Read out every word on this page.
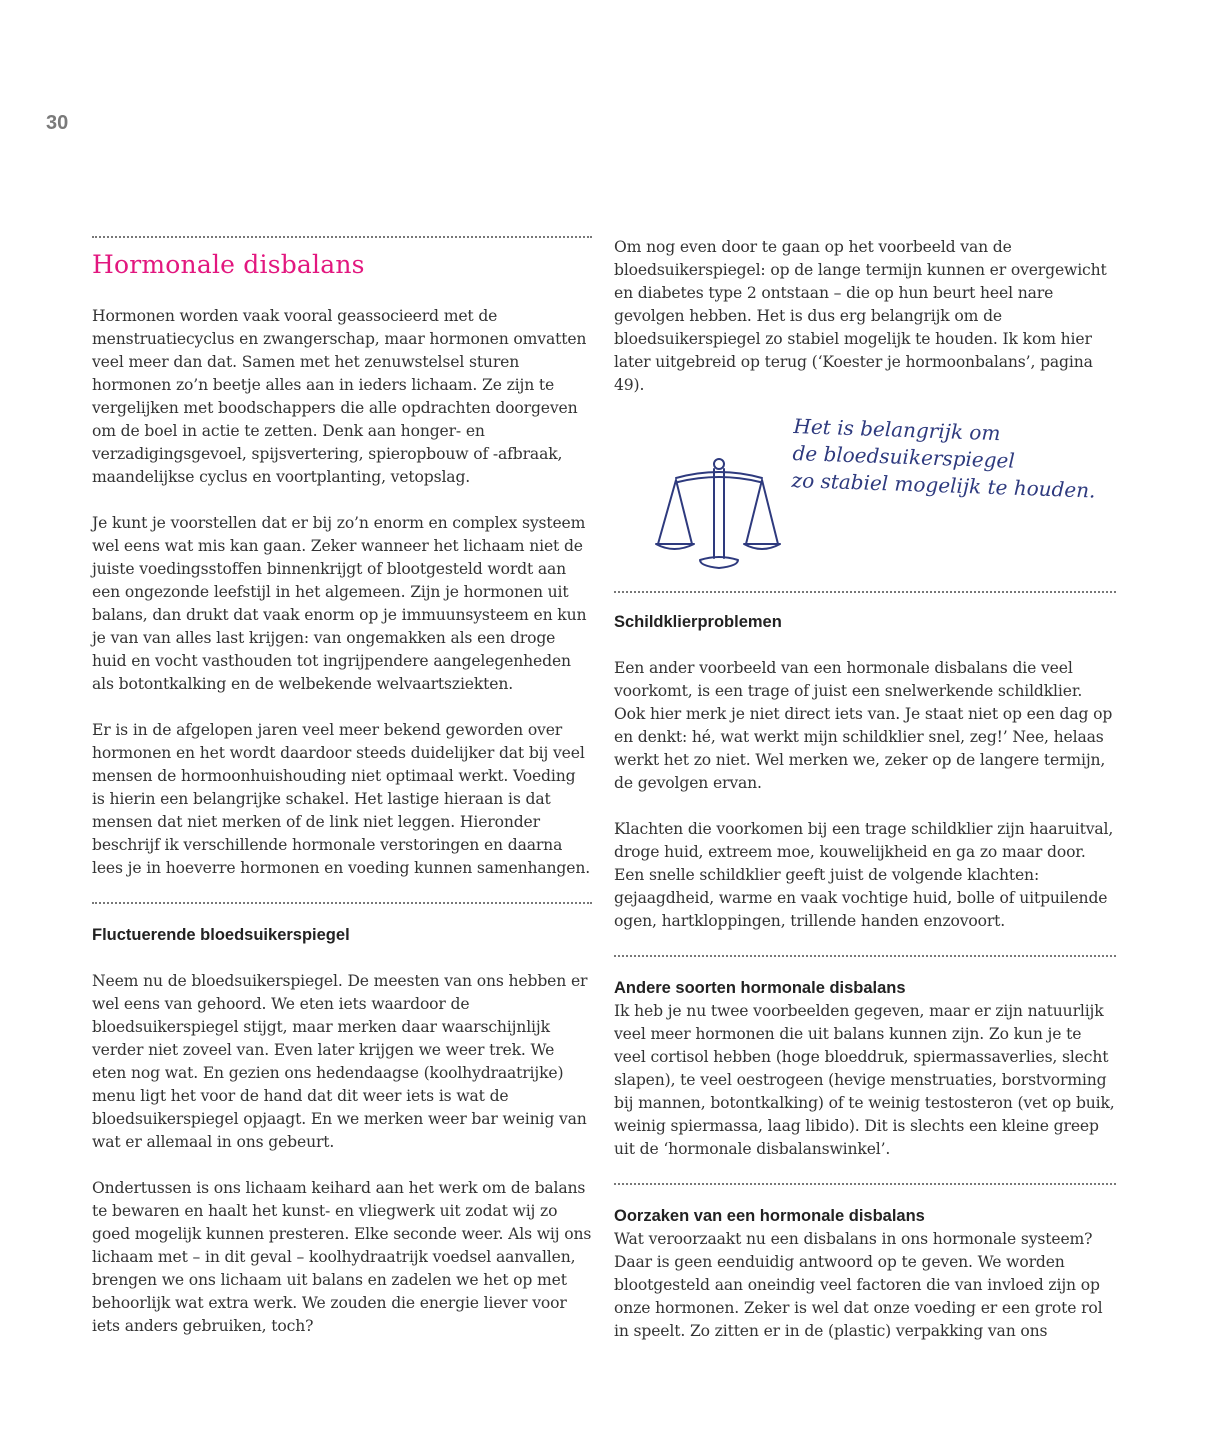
30
Hormonale disbalans

Hormonen worden vaak vooral geassocieerd met de menstruatiecyclus en zwangerschap, maar hormonen omvatten veel meer dan dat. Samen met het zenuwstelsel sturen hormonen zo’n beetje alles aan in ieders lichaam. Ze zijn te vergelijken met boodschappers die alle opdrachten doorgeven om de boel in actie te zetten. Denk aan honger- en verzadigingsgevoel, spijsvertering, spieropbouw of -afbraak, maandelijkse cyclus en voortplanting, vetopslag.

Je kunt je voorstellen dat er bij zo’n enorm en complex systeem wel eens wat mis kan gaan. Zeker wanneer het lichaam niet de juiste voedingsstoffen binnenkrijgt of blootgesteld wordt aan een ongezonde leefstijl in het algemeen. Zijn je hormonen uit balans, dan drukt dat vaak enorm op je immuunsysteem en kun je van van alles last krijgen: van ongemakken als een droge huid en vocht vasthouden tot ingrijpendere aangelegenheden als botontkalking en de welbekende welvaartsziekten.

Er is in de afgelopen jaren veel meer bekend geworden over hormonen en het wordt daardoor steeds duidelijker dat bij veel mensen de hormoonhuishouding niet optimaal werkt. Voeding is hierin een belangrijke schakel. Het lastige hieraan is dat mensen dat niet merken of de link niet leggen. Hieronder beschrijf ik verschillende hormonale verstoringen en daarna lees je in hoeverre hormonen en voeding kunnen samenhangen.

Fluctuerende bloedsuikerspiegel

Neem nu de bloedsuikerspiegel. De meesten van ons hebben er wel eens van gehoord. We eten iets waardoor de bloedsuikerspiegel stijgt, maar merken daar waarschijnlijk verder niet zoveel van. Even later krijgen we weer trek. We eten nog wat. En gezien ons hedendaagse (koolhydraatrijke) menu ligt het voor de hand dat dit weer iets is wat de bloedsuikerspiegel opjaagt. En we merken weer bar weinig van wat er allemaal in ons gebeurt.

Ondertussen is ons lichaam keihard aan het werk om de balans te bewaren en haalt het kunst- en vliegwerk uit zodat wij zo goed mogelijk kunnen presteren. Elke seconde weer. Als wij ons lichaam met – in dit geval – koolhydraatrijk voedsel aanvallen, brengen we ons lichaam uit balans en zadelen we het op met behoorlijk wat extra werk. We zouden die energie liever voor iets anders gebruiken, toch?

Om nog even door te gaan op het voorbeeld van de bloedsuikerspiegel: op de lange termijn kunnen er overgewicht en diabetes type 2 ontstaan – die op hun beurt heel nare gevolgen hebben. Het is dus erg belangrijk om de bloedsuikerspiegel zo stabiel mogelijk te houden. Ik kom hier later uitgebreid op terug (‘Koester je hormoonbalans’, pagina 49).

Het is belangrijk om
de bloedsuikerspiegel
zo stabiel mogelijk te houden.
Schildklierproblemen

Een ander voorbeeld van een hormonale disbalans die veel voorkomt, is een trage of juist een snelwerkende schildklier. Ook hier merk je niet direct iets van. Je staat niet op een dag op en denkt: hé, wat werkt mijn schildklier snel, zeg!’ Nee, helaas werkt het zo niet. Wel merken we, zeker op de langere termijn, de gevolgen ervan.

Klachten die voorkomen bij een trage schildklier zijn haaruitval, droge huid, extreem moe, kouwelijkheid en ga zo maar door. Een snelle schildklier geeft juist de volgende klachten: gejaagdheid, warme en vaak vochtige huid, bolle of uitpuilende ogen, hartkloppingen, trillende handen enzovoort.

Andere soorten hormonale disbalans

Ik heb je nu twee voorbeelden gegeven, maar er zijn natuurlijk veel meer hormonen die uit balans kunnen zijn. Zo kun je te veel cortisol hebben (hoge bloeddruk, spiermassaverlies, slecht slapen), te veel oestrogeen (hevige menstruaties, borstvorming bij mannen, botontkalking) of te weinig testosteron (vet op buik, weinig spiermassa, laag libido). Dit is slechts een kleine greep uit de ‘hormonale disbalanswinkel’.

Oorzaken van een hormonale disbalans

Wat veroorzaakt nu een disbalans in ons hormonale systeem? Daar is geen eenduidig antwoord op te geven. We worden blootgesteld aan oneindig veel factoren die van invloed zijn op onze hormonen. Zeker is wel dat onze voeding er een grote rol in speelt. Zo zitten er in de (plastic) verpakking van ons
